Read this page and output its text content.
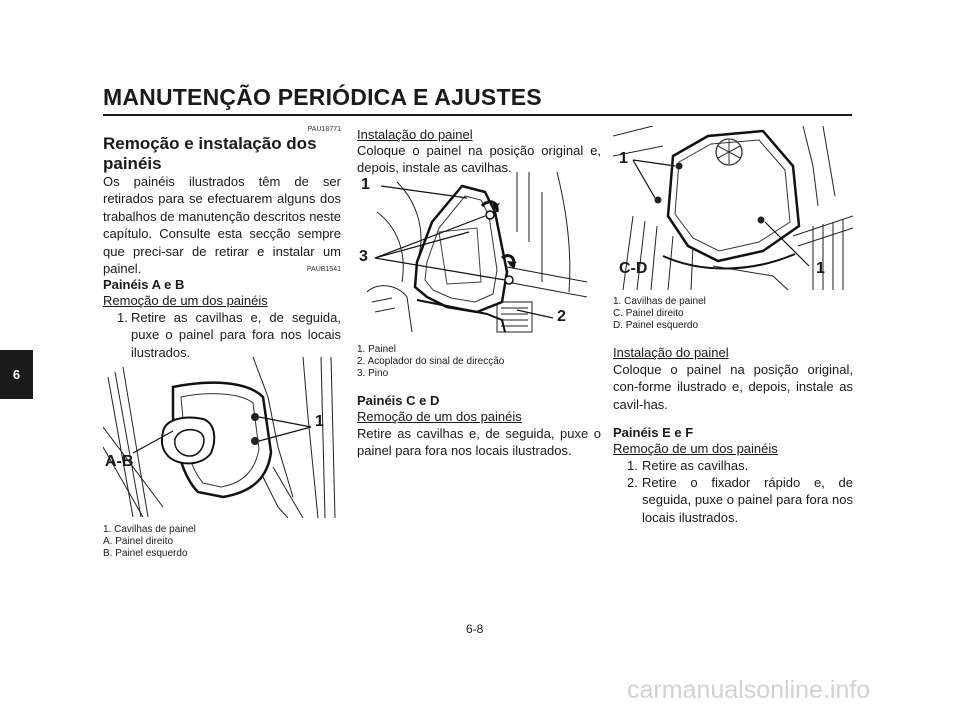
MANUTENÇÃO PERIÓDICA E AJUSTES
6
PAU18771
Remoção e instalação dos painéis
Os painéis ilustrados têm de ser retirados para se efectuarem alguns dos trabalhos de manutenção descritos neste capítulo. Consulte esta secção sempre que preci-sar de retirar e instalar um painel.	PAUB1541
Painéis A e B
Remoção de um dos painéis
1. Retire as cavilhas e, de seguida, puxe o painel para fora nos locais ilustrados.
1
A-B
1. Cavilhas de painel
A. Painel direito
B. Painel esquerdo
Instalação do painel
Coloque o painel na posição original e, depois, instale as cavilhas.
1
3
2
1. Painel
2. Acoplador do sinal de direcção
3. Pino
Painéis C e D
Remoção de um dos painéis
Retire as cavilhas e, de seguida, puxe o painel para fora nos locais ilustrados.
1
1
C-D
1. Cavilhas de painel
C. Painel direito
D. Painel esquerdo
Instalação do painel
Coloque o painel na posição original, con-forme ilustrado e, depois, instale as cavil-has.
Painéis E e F
Remoção de um dos painéis
1. Retire as cavilhas.
2. Retire o fixador rápido e, de seguida, puxe o painel para fora nos locais ilustrados.
6-8
carmanualsonline.info
